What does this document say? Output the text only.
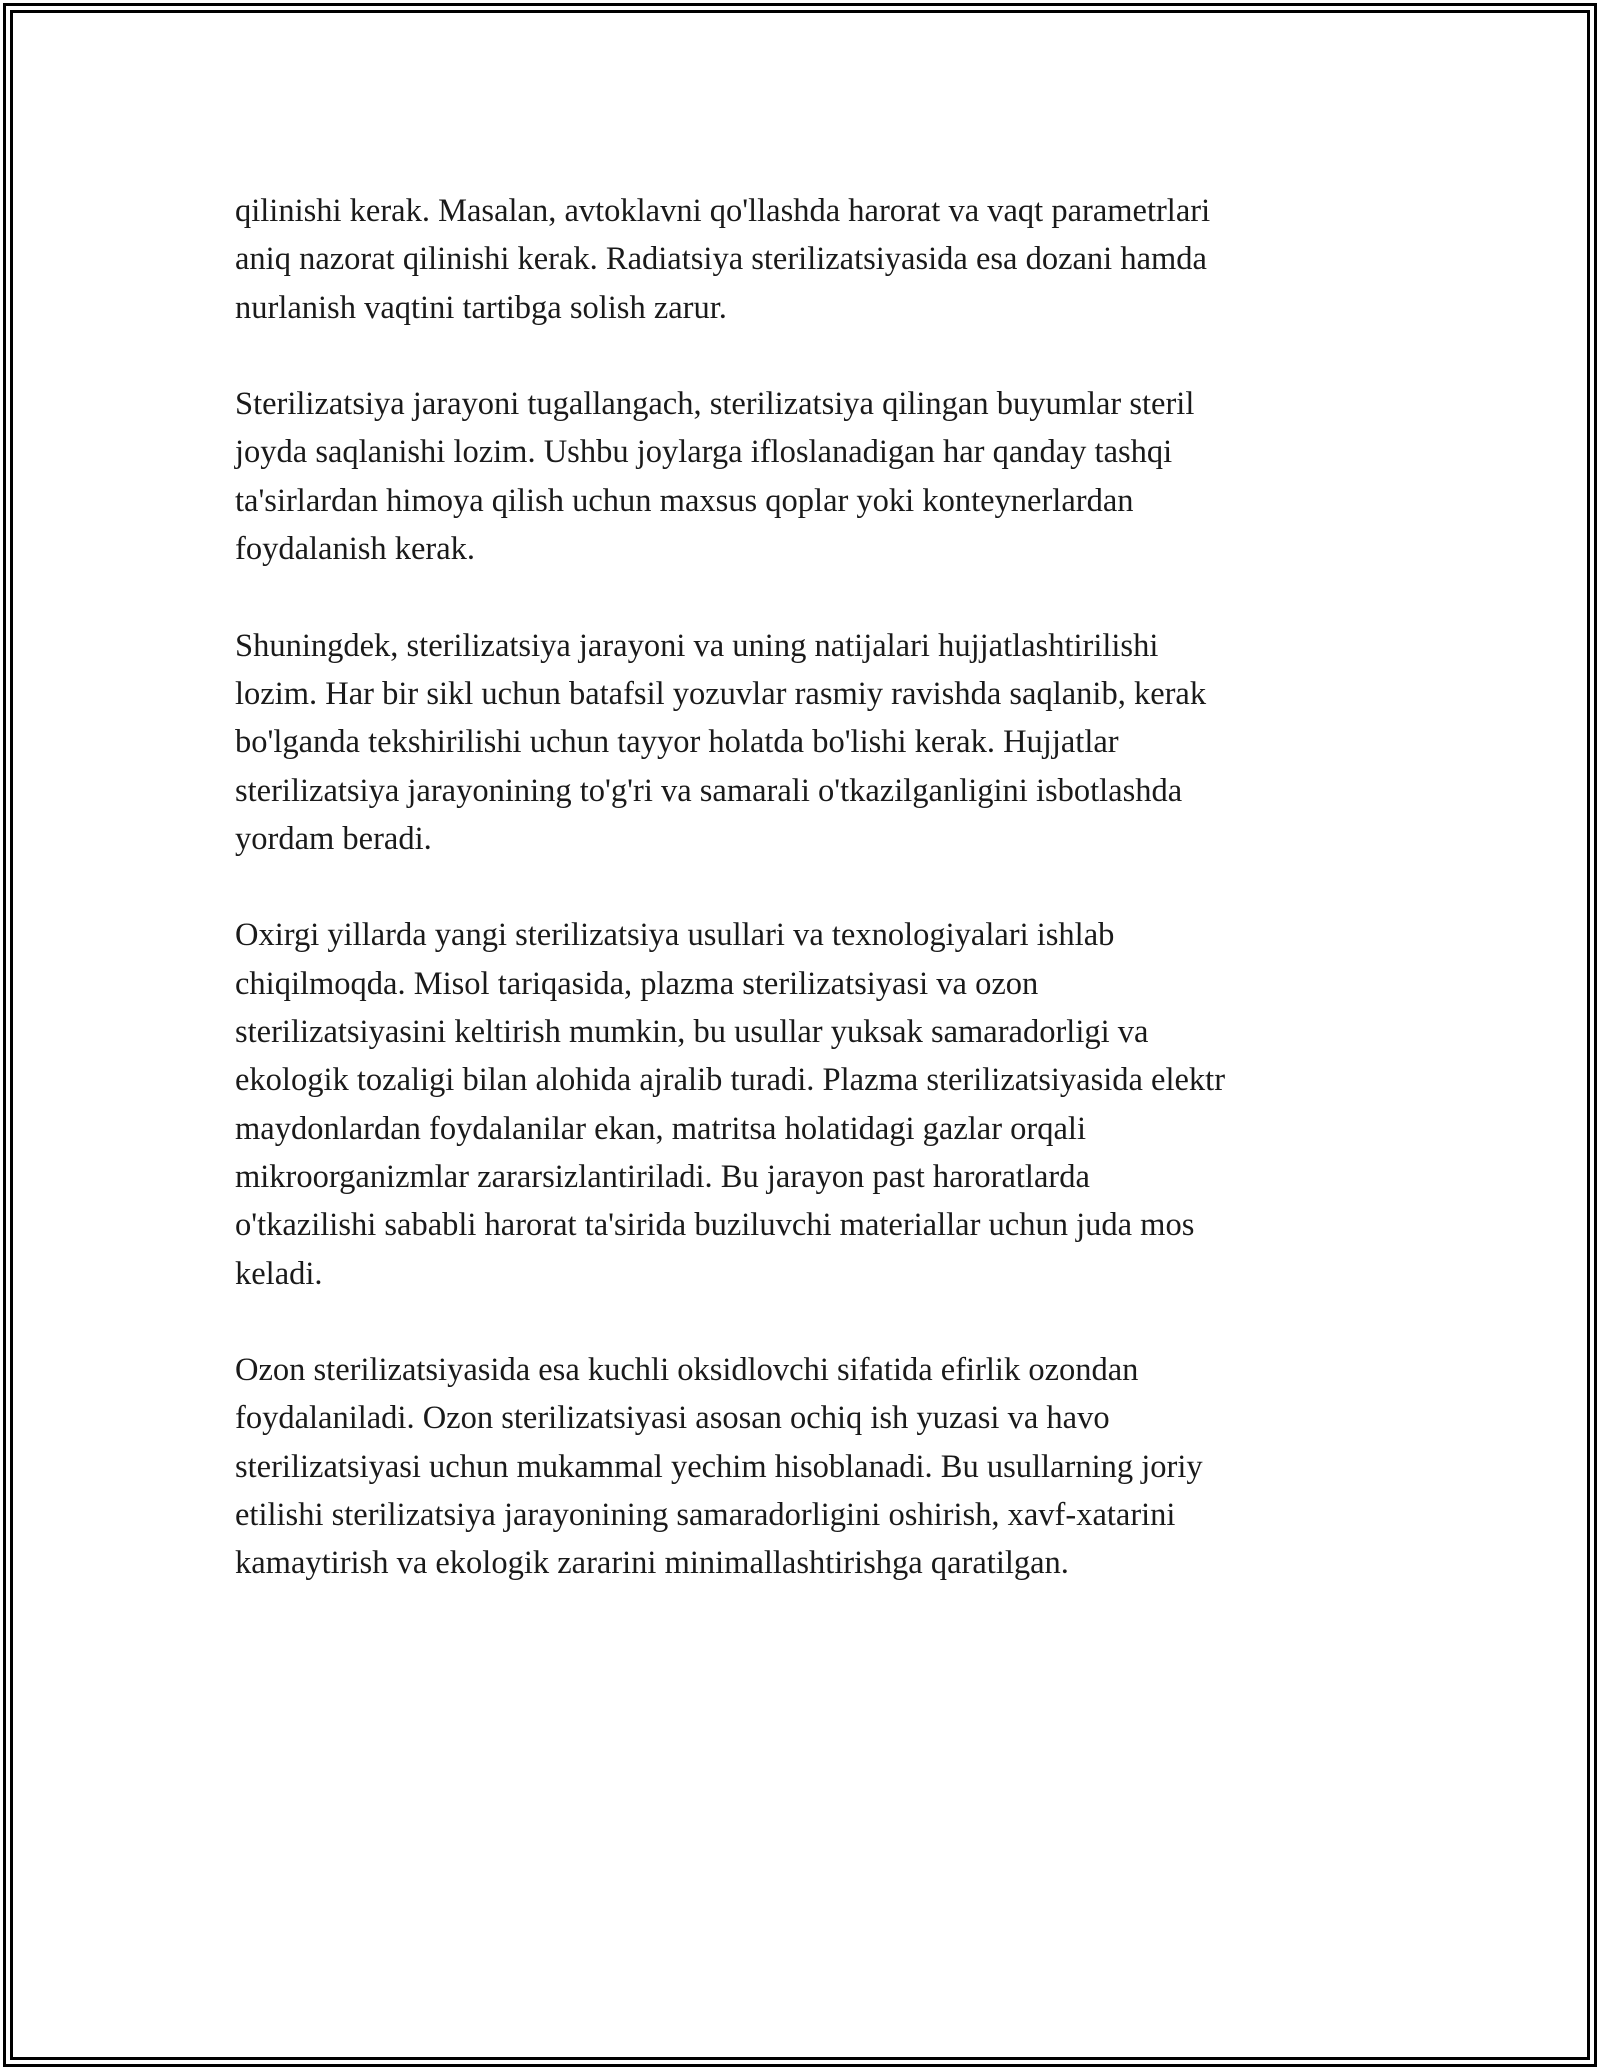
qilinishi kerak. Masalan, avtoklavni qo'llashda harorat va vaqt parametrlari
aniq nazorat qilinishi kerak. Radiatsiya sterilizatsiyasida esa dozani hamda
nurlanish vaqtini tartibga solish zarur.

Sterilizatsiya jarayoni tugallangach, sterilizatsiya qilingan buyumlar steril
joyda saqlanishi lozim. Ushbu joylarga ifloslanadigan har qanday tashqi
ta'sirlardan himoya qilish uchun maxsus qoplar yoki konteynerlardan
foydalanish kerak.

Shuningdek, sterilizatsiya jarayoni va uning natijalari hujjatlashtirilishi
lozim. Har bir sikl uchun batafsil yozuvlar rasmiy ravishda saqlanib, kerak
bo'lganda tekshirilishi uchun tayyor holatda bo'lishi kerak. Hujjatlar
sterilizatsiya jarayonining to'g'ri va samarali o'tkazilganligini isbotlashda
yordam beradi.

Oxirgi yillarda yangi sterilizatsiya usullari va texnologiyalari ishlab
chiqilmoqda. Misol tariqasida, plazma sterilizatsiyasi va ozon
sterilizatsiyasini keltirish mumkin, bu usullar yuksak samaradorligi va
ekologik tozaligi bilan alohida ajralib turadi. Plazma sterilizatsiyasida elektr
maydonlardan foydalanilar ekan, matritsa holatidagi gazlar orqali
mikroorganizmlar zararsizlantiriladi. Bu jarayon past haroratlarda
o'tkazilishi sababli harorat ta'sirida buziluvchi materiallar uchun juda mos
keladi.

Ozon sterilizatsiyasida esa kuchli oksidlovchi sifatida efirlik ozondan
foydalaniladi. Ozon sterilizatsiyasi asosan ochiq ish yuzasi va havo
sterilizatsiyasi uchun mukammal yechim hisoblanadi. Bu usullarning joriy
etilishi sterilizatsiya jarayonining samaradorligini oshirish, xavf-xatarini
kamaytirish va ekologik zararini minimallashtirishga qaratilgan.
